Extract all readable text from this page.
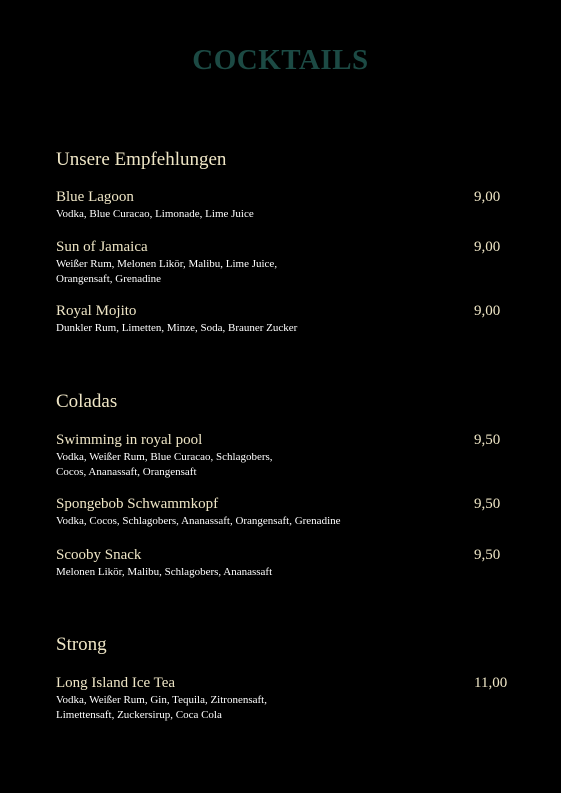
COCKTAILS
Unsere Empfehlungen
Blue Lagoon
Vodka, Blue Curacao, Limonade, Lime Juice
9,00
Sun of Jamaica
Weißer Rum, Melonen Likör, Malibu, Lime Juice,
Orangensaft, Grenadine
9,00
Royal Mojito
Dunkler Rum, Limetten, Minze, Soda, Brauner Zucker
9,00
Coladas
Swimming in royal pool
Vodka, Weißer Rum, Blue Curacao, Schlagobers,
Cocos, Ananassaft, Orangensaft
9,50
Spongebob Schwammkopf
Vodka, Cocos, Schlagobers, Ananassaft, Orangensaft, Grenadine
9,50
Scooby Snack
Melonen Likör, Malibu, Schlagobers, Ananassaft
9,50
Strong
Long Island Ice Tea
Vodka, Weißer Rum, Gin, Tequila, Zitronensaft,
Limettensaft, Zuckersirup, Coca Cola
11,00
